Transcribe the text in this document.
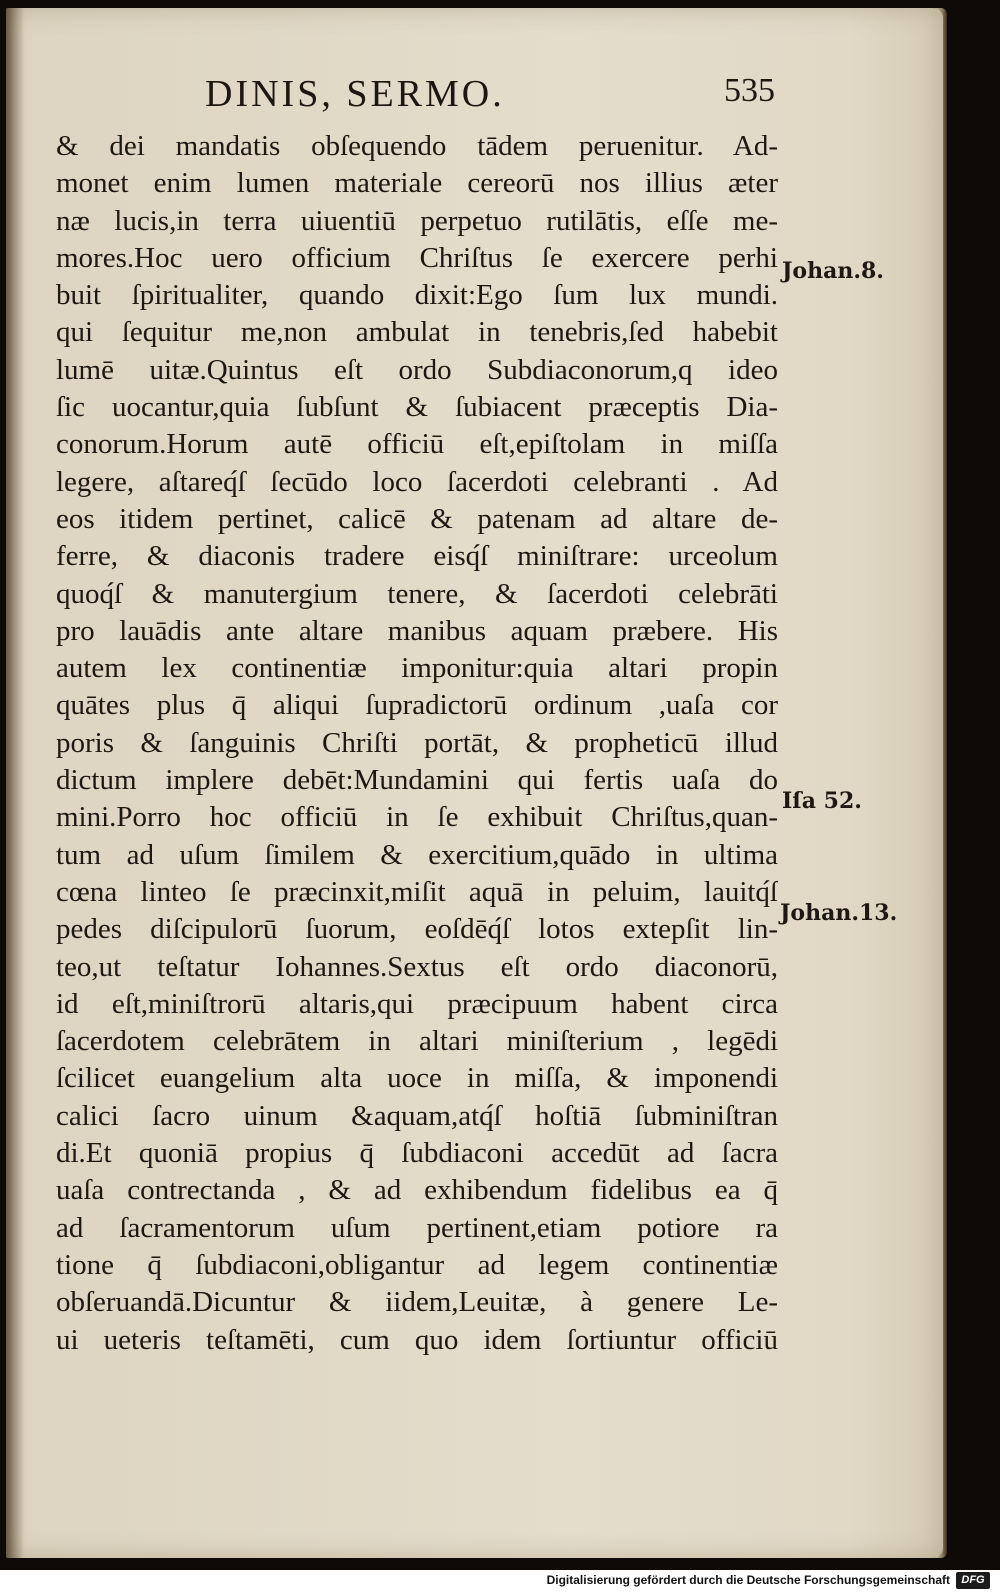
DINIS, SERMO.	535
& dei mandatis obſequendo tādem peruenitur. Ad-
monet enim lumen materiale cereorū nos illius æter
næ lucis,in terra uiuentiū perpetuo rutilātis, eſſe me-
mores.Hoc uero officium Chriſtus ſe exercere perhi
buit ſpiritualiter, quando dixit:Ego ſum lux mundi.
qui ſequitur me,non ambulat in tenebris,ſed habebit
lumē uitæ.Quintus eſt ordo Subdiaconorum,q ideo
ſic uocantur,quia ſubſunt & ſubiacent præceptis Dia-
conorum.Horum autē officiū eſt,epiſtolam in miſſa
legere, aſtareq́ſ ſecūdo loco ſacerdoti celebranti . Ad
eos itidem pertinet, calicē & patenam ad altare de-
ferre, & diaconis tradere eisq́ſ miniſtrare: urceolum
quoq́ſ & manutergium tenere, & ſacerdoti celebrāti
pro lauādis ante altare manibus aquam præbere. His
autem lex continentiæ imponitur:quia altari propin
quātes plus q̄ aliqui ſupradictorū ordinum ,uaſa cor
poris & ſanguinis Chriſti portāt, & propheticū illud
dictum implere debēt:Mundamini qui fertis uaſa do
mini.Porro hoc officiū in ſe exhibuit Chriſtus,quan-
tum ad uſum ſimilem & exercitium,quādo in ultima
cœna linteo ſe præcinxit,miſit aquā in peluim, lauitq́ſ
pedes diſcipulorū ſuorum, eoſdēq́ſ lotos extерſit lin-
teo,ut teſtatur Iohannes.Sextus eſt ordo diaconorū,
id eſt,miniſtrorū altaris,qui præcipuum habent circa
ſacerdotem celebrātem in altari miniſterium , legēdi
ſcilicet euangelium alta uoce in miſſa, & imponendi
calici ſacro uinum &aquam,atq́ſ hoſtiā ſubminiſtran
di.Et quoniā propius q̄ ſubdiaconi accedūt ad ſacra
uaſa contrectanda , & ad exhibendum fidelibus ea q̄
ad ſacramentorum uſum pertinent,etiam potiore ra
tione q̄ ſubdiaconi,obligantur ad legem continentiæ
obſeruandā.Dicuntur & iidem,Leuitæ, à genere Le-
ui ueteris teſtamēti, cum quo idem ſortiuntur officiū
Johan.8.
Iſa 52.
Johan.13.
Digitalisierung gefördert durch die Deutsche Forschungsgemeinschaft	DFG
